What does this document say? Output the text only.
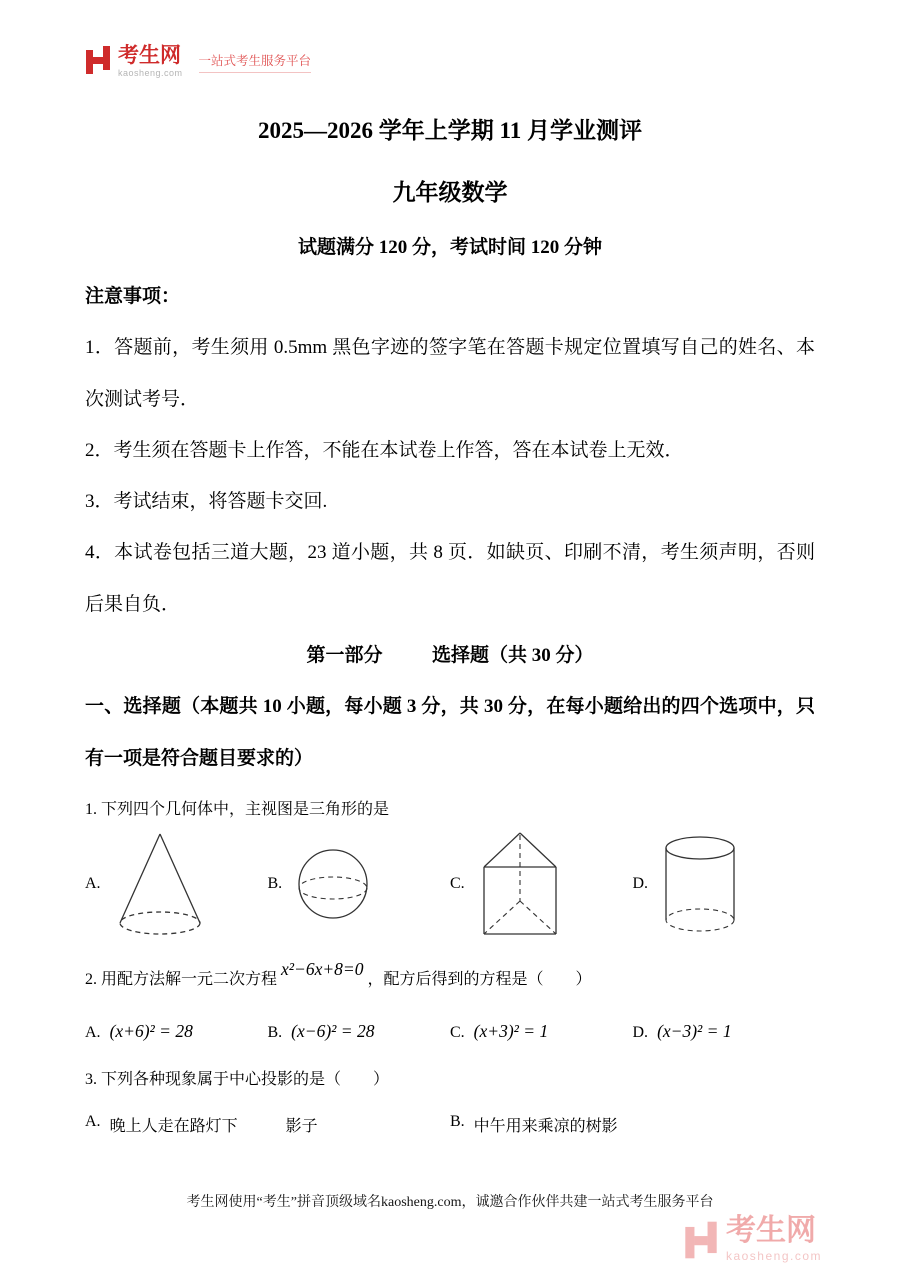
考生网
kaosheng.com
一站式考生服务平台
2025—2026 学年上学期 11 月学业测评
九年级数学
试题满分 120 分，考试时间 120 分钟

注意事项：

1．答题前，考生须用 0.5mm 黑色字迹的签字笔在答题卡规定位置填写自己的姓名、本次测试考号．

2．考生须在答题卡上作答，不能在本试卷上作答，答在本试卷上无效．

3．考试结束，将答题卡交回.

4．本试卷包括三道大题，23 道小题，共 8 页．如缺页、印刷不清，考生须声明，否则后果自负．

第一部分	选择题（共 30 分）

一、选择题（本题共 10 小题，每小题 3 分，共 30 分，在每小题给出的四个选项中，只有一项是符合题目要求的）

1. 下列四个几何体中，主视图是三角形的是

A.	B.	C.	D.

2. 用配方法解一元二次方程x²−6x+8=0，配方后得到的方程是（　　）

A. (x+6)² = 28	B. (x−6)² = 28	C. (x+3)² = 1	D. (x−3)² = 1

3. 下列各种现象属于中心投影的是（　　）

A. 晚上人走在路灯下　　　影子	B. 中午用来乘凉的树影
考生网使用“考生”拼音顶级域名kaosheng.com，诚邀合作伙伴共建一站式考生服务平台
考生网
kaosheng.com
